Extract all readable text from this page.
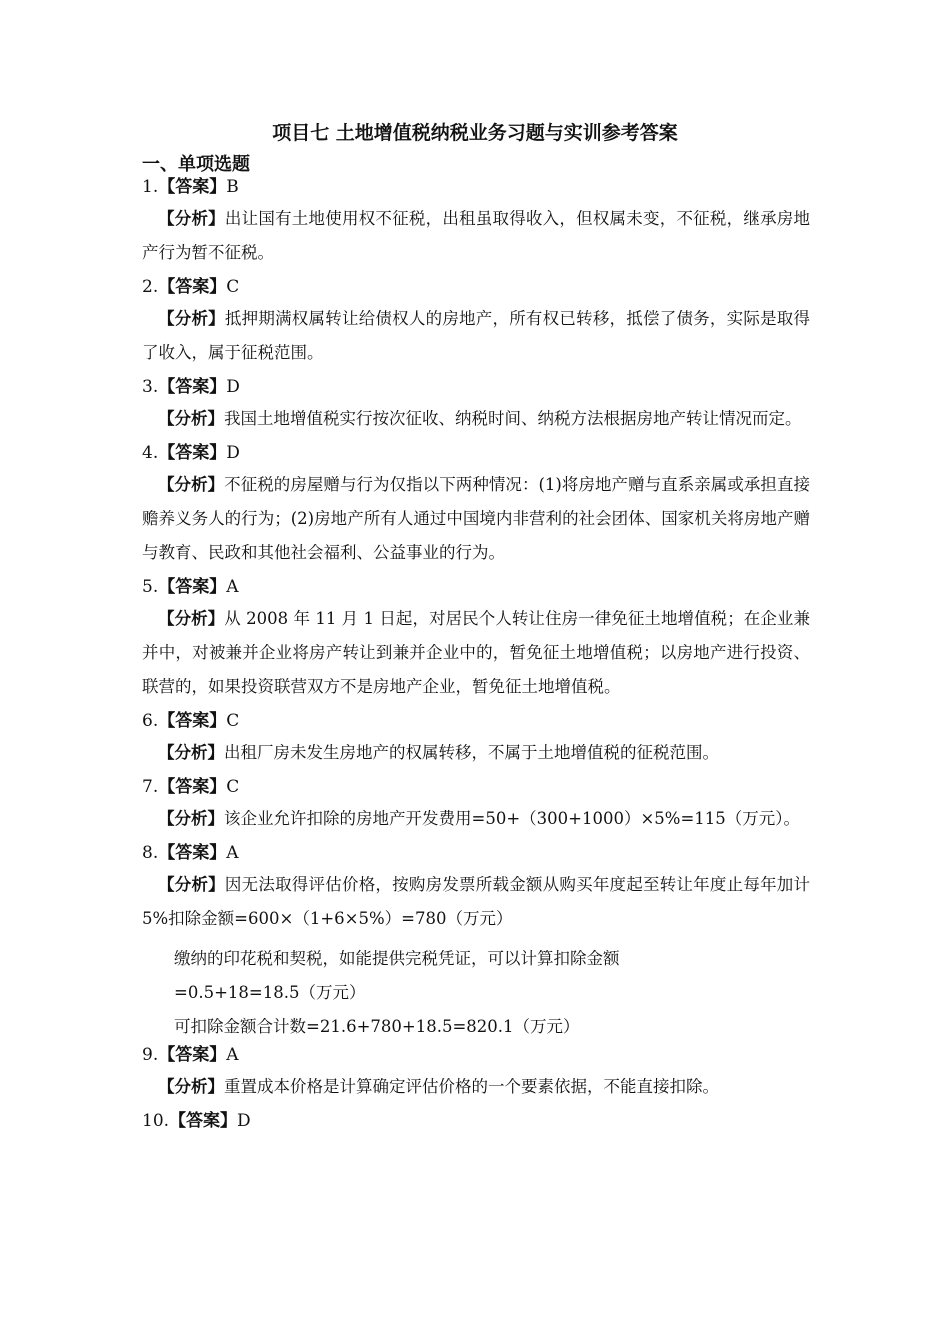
项目七 土地增值税纳税业务习题与实训参考答案
一、单项选题
1.【答案】B
【分析】出让国有土地使用权不征税，出租虽取得收入，但权属未变，不征税，继承房地产行为暂不征税。
2.【答案】C
【分析】抵押期满权属转让给债权人的房地产，所有权已转移，抵偿了债务，实际是取得了收入，属于征税范围。
3.【答案】D
【分析】我国土地增值税实行按次征收、纳税时间、纳税方法根据房地产转让情况而定。
4.【答案】D
【分析】不征税的房屋赠与行为仅指以下两种情况：(1)将房地产赠与直系亲属或承担直接赡养义务人的行为；(2)房地产所有人通过中国境内非营利的社会团体、国家机关将房地产赠与教育、民政和其他社会福利、公益事业的行为。
5.【答案】A
【分析】从 2008 年 11 月 1 日起，对居民个人转让住房一律免征土地增值税；在企业兼并中，对被兼并企业将房产转让到兼并企业中的，暂免征土地增值税；以房地产进行投资、联营的，如果投资联营双方不是房地产企业，暂免征土地增值税。
6.【答案】C
【分析】出租厂房未发生房地产的权属转移，不属于土地增值税的征税范围。
7.【答案】C
【分析】该企业允许扣除的房地产开发费用=50+（300+1000）×5%=115（万元）。
8.【答案】A
【分析】因无法取得评估价格，按购房发票所载金额从购买年度起至转让年度止每年加计 5%扣除金额=600×（1+6×5%）=780（万元）
缴纳的印花税和契税，如能提供完税凭证，可以计算扣除金额
=0.5+18=18.5（万元）
可扣除金额合计数=21.6+780+18.5=820.1（万元）
9.【答案】A
【分析】重置成本价格是计算确定评估价格的一个要素依据，不能直接扣除。
10.【答案】D
